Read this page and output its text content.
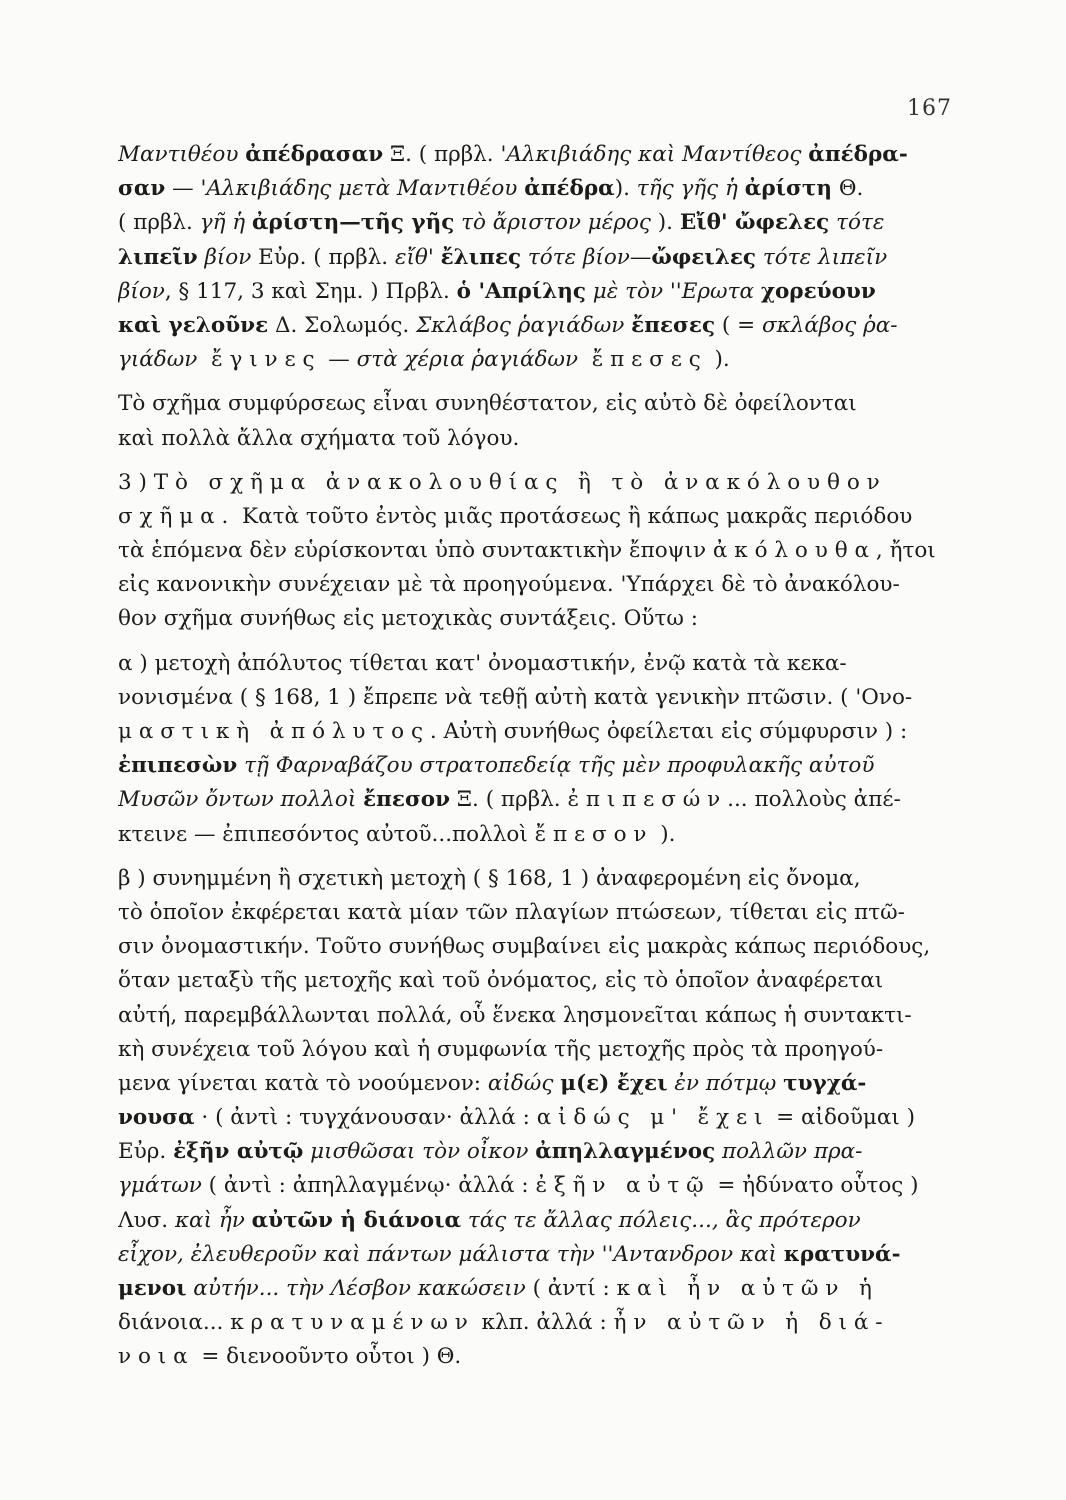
167
Μαντιθέου ἀπέδρασαν Ξ. ( πρβλ. 'Αλκιβιάδης καὶ Μαντίθεος ἀπέδρα-
σαν — 'Αλκιβιάδης μετὰ Μαντιθέου ἀπέδρα). τῆς γῆς ἡ ἀρίστη Θ.
( πρβλ. γῆ ἡ ἀρίστη—τῆς γῆς τὸ ἄριστον μέρος ). Εἴθ' ὤφελες τότε
λιπεῖν βίον Εὐρ. ( πρβλ. εἴθ' ἔλιπες τότε βίον—ὤφειλες τότε λιπεῖν
βίον, § 117, 3 καὶ Σημ. ) Πρβλ. ὁ 'Απρίλης μὲ τὸν ''Ερωτα χορεύουν
καὶ γελοῦνε Δ. Σολωμός. Σκλάβος ῥαγιάδων ἔπεσες ( = σκλάβος ῥα-
γιάδων ἔγινες — στὰ χέρια ῥαγιάδων ἔπεσες ).
Τὸ σχῆμα συμφύρσεως εἶναι συνηθέστατον, εἰς αὐτὸ δὲ ὀφείλονται
καὶ πολλὰ ἄλλα σχήματα τοῦ λόγου.
3 ) Τὸ σχῆμα ἀνακολουθίας ἢ τὸ ἀνακόλουθον
σχῆμα. Κατὰ τοῦτο ἐντὸς μιᾶς προτάσεως ἢ κάπως μακρᾶς περιόδου
τὰ ἑπόμενα δὲν εὑρίσκονται ὑπὸ συντακτικὴν ἔποψιν ἀκόλουθα, ἤτοι
εἰς κανονικὴν συνέχειαν μὲ τὰ προηγούμενα. 'Υπάρχει δὲ τὸ ἀνακόλου-
θον σχῆμα συνήθως εἰς μετοχικὰς συντάξεις. Οὕτω :
α ) μετοχὴ ἀπόλυτος τίθεται κατ' ὀνομαστικήν, ἐνῷ κατὰ τὰ κεκα-
νονισμένα ( § 168, 1 ) ἔπρεπε νὰ τεθῇ αὐτὴ κατὰ γενικὴν πτῶσιν. ( 'Ονο-
μαστικὴ ἀπόλυτος. Αὐτὴ συνήθως ὀφείλεται εἰς σύμφυρσιν ) :
ἐπιπεσὼν τῇ Φαρναβάζου στρατοπεδείᾳ τῆς μὲν προφυλακῆς αὐτοῦ
Μυσῶν ὄντων πολλοὶ ἔπεσον Ξ. ( πρβλ. ἐπιπεσών... πολλοὺς ἀπέ-
κτεινε — ἐπιπεσόντος αὐτοῦ...πολλοὶ ἔπεσον ).
β ) συνημμένη ἢ σχετικὴ μετοχὴ ( § 168, 1 ) ἀναφερομένη εἰς ὄνομα,
τὸ ὁποῖον ἐκφέρεται κατὰ μίαν τῶν πλαγίων πτώσεων, τίθεται εἰς πτῶ-
σιν ὀνομαστικήν. Τοῦτο συνήθως συμβαίνει εἰς μακρὰς κάπως περιόδους,
ὅταν μεταξὺ τῆς μετοχῆς καὶ τοῦ ὀνόματος, εἰς τὸ ὁποῖον ἀναφέρεται
αὐτή, παρεμβάλλωνται πολλά, οὗ ἕνεκα λησμονεῖται κάπως ἡ συντακτι-
κὴ συνέχεια τοῦ λόγου καὶ ἡ συμφωνία τῆς μετοχῆς πρὸς τὰ προηγού-
μενα γίνεται κατὰ τὸ νοούμενον: αἰδώς μ(ε) ἔχει ἐν πότμῳ τυγχά-
νουσα · ( ἀντὶ : τυγχάνουσαν· ἀλλά : αἰδώς μ' ἔχει = αἰδοῦμαι )
Εὐρ. ἐξῆν αὐτῷ μισθῶσαι τὸν οἶκον ἀπηλλαγμένος πολλῶν πρα-
γμάτων ( ἀντὶ : ἀπηλλαγμένῳ· ἀλλά : ἐξῆν αὐτῷ = ἠδύνατο οὗτος )
Λυσ. καὶ ἦν αὐτῶν ἡ διάνοια τάς τε ἄλλας πόλεις..., ἃς πρότερον
εἶχον, ἐλευθεροῦν καὶ πάντων μάλιστα τὴν ''Αντανδρον καὶ κρατυνά-
μενοι αὐτήν... τὴν Λέσβον κακώσειν ( ἀντί : καὶ ἦν αὐτῶν ἡ
διάνοια... κρατυναμένων κλπ. ἀλλά : ἦν αὐτῶν ἡ διά-
νοια = διενοοῦντο οὗτοι ) Θ.
